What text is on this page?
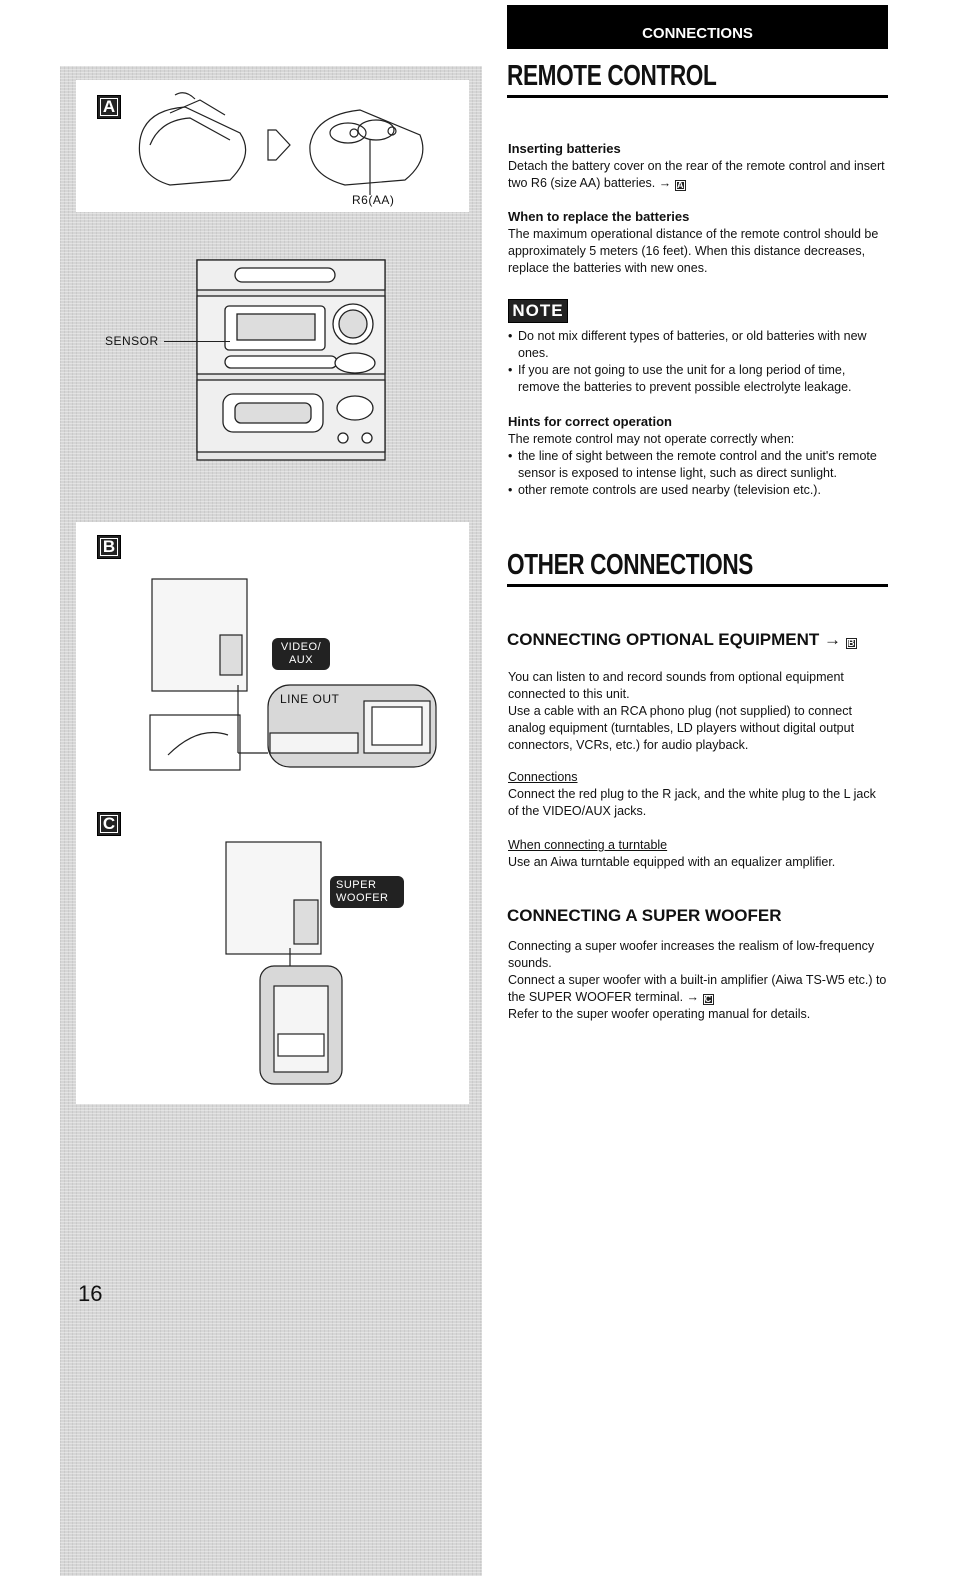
A
R6(AA)
SENSOR
B
VIDEO/
AUX
LINE OUT
C
SUPER
WOOFER
16
CONNECTIONS
REMOTE CONTROL
Inserting batteries
Detach the battery cover on the rear of the remote control and insert two R6 (size AA) batteries. → A
When to replace the batteries
The maximum operational distance of the remote control should be approximately 5 meters (16 feet). When this distance decreases, replace the batteries with new ones.
NOTE
• Do not mix different types of batteries, or old batteries with new ones.
• If you are not going to use the unit for a long period of time, remove the batteries to prevent possible electrolyte leakage.
Hints for correct operation
The remote control may not operate correctly when:
• the line of sight between the remote control and the unit's remote sensor is exposed to intense light, such as direct sunlight.
• other remote controls are used nearby (television etc.).
OTHER CONNECTIONS
CONNECTING OPTIONAL EQUIPMENT → B
You can listen to and record sounds from optional equipment connected to this unit.
Use a cable with an RCA phono plug (not supplied) to connect analog equipment (turntables, LD players without digital output connectors, VCRs, etc.) for audio playback.
Connections
Connect the red plug to the R jack, and the white plug to the L jack of the VIDEO/AUX jacks.
When connecting a turntable
Use an Aiwa turntable equipped with an equalizer amplifier.
CONNECTING A SUPER WOOFER
Connecting a super woofer increases the realism of low-frequency sounds.
Connect a super woofer with a built-in amplifier (Aiwa TS-W5 etc.) to the SUPER WOOFER terminal. → C
Refer to the super woofer operating manual for details.
